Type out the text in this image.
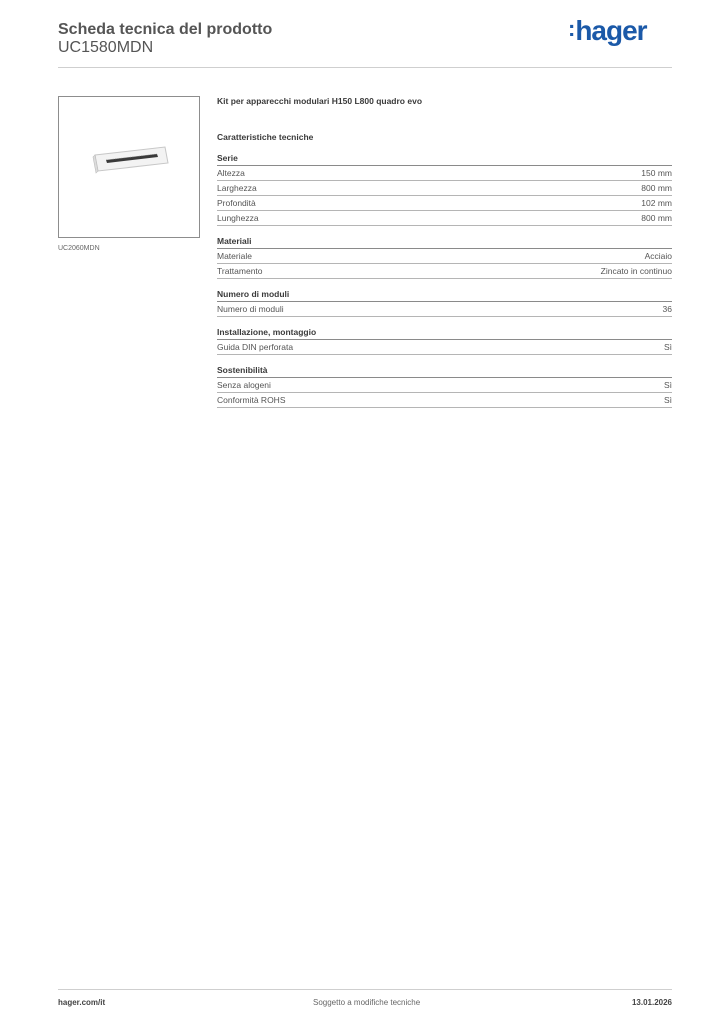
Scheda tecnica del prodotto
UC1580MDN
:hager
UC2060MDN
Kit per apparecchi modulari H150 L800 quadro evo
Caratteristiche tecniche
Serie
Altezza	150 mm
Larghezza	800 mm
Profondità	102 mm
Lunghezza	800 mm
Materiali
Materiale	Acciaio
Trattamento	Zincato in continuo
Numero di moduli
Numero di moduli	36
Installazione, montaggio
Guida DIN perforata	Sì
Sostenibilità
Senza alogeni	Sì
Conformità ROHS	Sì
hager.com/it	Soggetto a modifiche tecniche	13.01.2026
